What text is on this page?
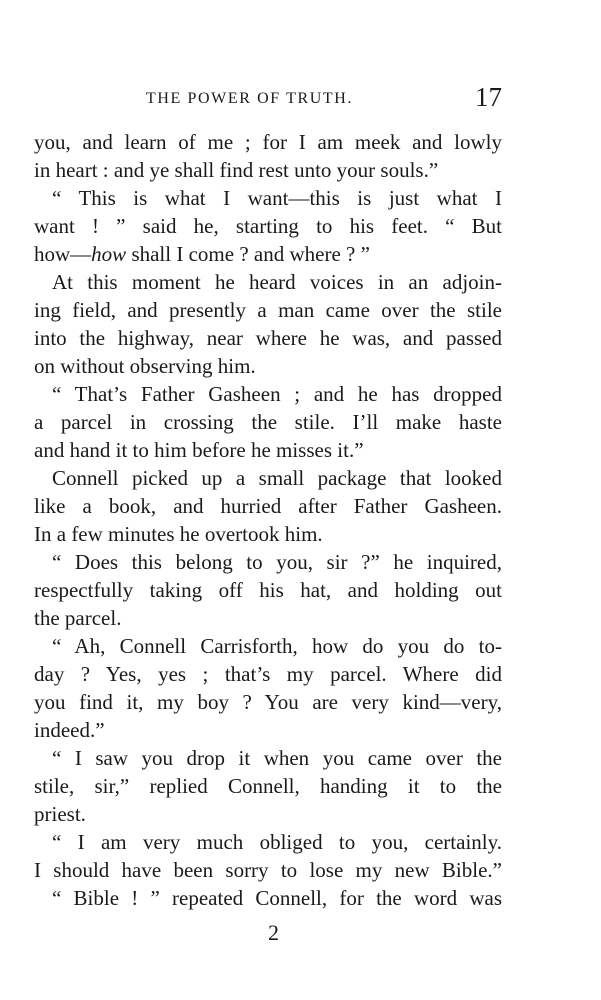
THE POWER OF TRUTH.	17
you, and learn of me ; for I am meek and lowly
in heart : and ye shall find rest unto your souls.”
“ This is what I want—this is just what I
want ! ” said he, starting to his feet. “ But
how—how shall I come ? and where ? ”
At this moment he heard voices in an adjoin-
ing field, and presently a man came over the stile
into the highway, near where he was, and passed
on without observing him.
“ That’s Father Gasheen ; and he has dropped
a parcel in crossing the stile. I’ll make haste
and hand it to him before he misses it.”
Connell picked up a small package that looked
like a book, and hurried after Father Gasheen.
In a few minutes he overtook him.
“ Does this belong to you, sir ?” he inquired,
respectfully taking off his hat, and holding out
the parcel.
“ Ah, Connell Carrisforth, how do you do to-
day ? Yes, yes ; that’s my parcel. Where did
you find it, my boy ? You are very kind—very,
indeed.”
“ I saw you drop it when you came over the
stile, sir,” replied Connell, handing it to the
priest.
“ I am very much obliged to you, certainly.
I should have been sorry to lose my new Bible.”
“ Bible ! ” repeated Connell, for the word was
2
